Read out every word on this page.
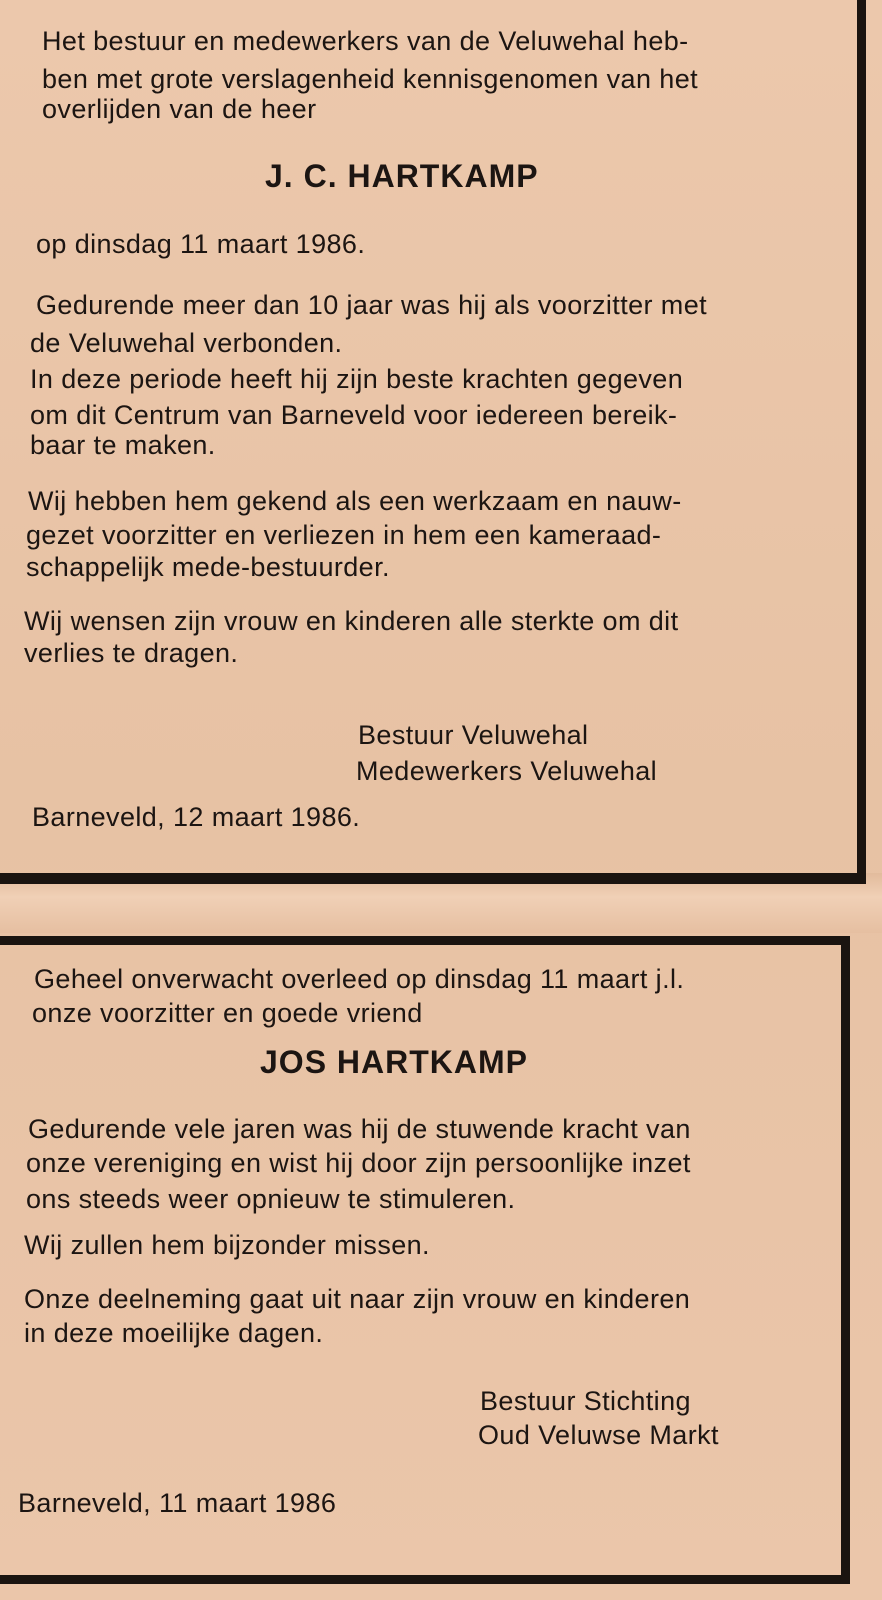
Het bestuur en medewerkers van de Veluwehal heb-

ben met grote verslagenheid kennisgenomen van het

overlijden van de heer

J. C. HARTKAMP

op dinsdag 11 maart 1986.

Gedurende meer dan 10 jaar was hij als voorzitter met

de Veluwehal verbonden.

In deze periode heeft hij zijn beste krachten gegeven

om dit Centrum van Barneveld voor iedereen bereik-

baar te maken.

Wij hebben hem gekend als een werkzaam en nauw-

gezet voorzitter en verliezen in hem een kameraad-

schappelijk mede-bestuurder.

Wij wensen zijn vrouw en kinderen alle sterkte om dit

verlies te dragen.

Bestuur Veluwehal

Medewerkers Veluwehal

Barneveld, 12 maart 1986.

Geheel onverwacht overleed op dinsdag 11 maart j.l.

onze voorzitter en goede vriend

JOS HARTKAMP

Gedurende vele jaren was hij de stuwende kracht van

onze vereniging en wist hij door zijn persoonlijke inzet

ons steeds weer opnieuw te stimuleren.

Wij zullen hem bijzonder missen.

Onze deelneming gaat uit naar zijn vrouw en kinderen

in deze moeilijke dagen.

Bestuur Stichting

Oud Veluwse Markt

Barneveld, 11 maart 1986
